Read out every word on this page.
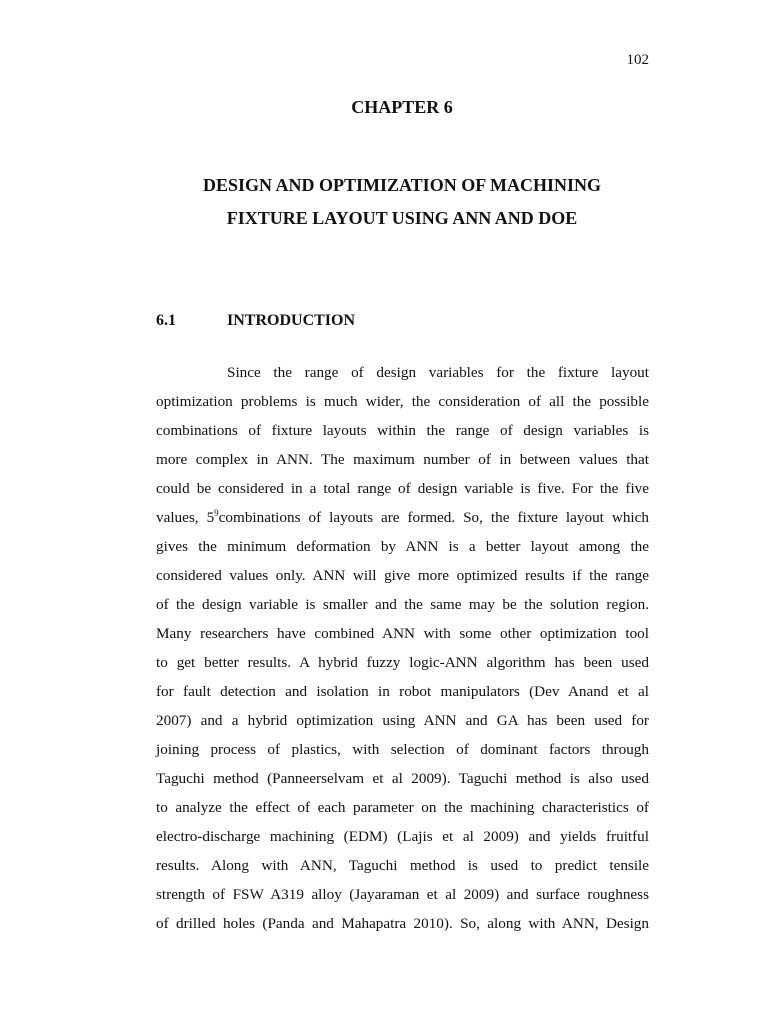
102
CHAPTER 6
DESIGN AND OPTIMIZATION OF MACHINING
FIXTURE LAYOUT USING ANN AND DOE
6.1	INTRODUCTION
Since the range of design variables for the fixture layout
optimization problems is much wider, the consideration of all the possible
combinations of fixture layouts within the range of design variables is
more complex in ANN. The maximum number of in between values that
could be considered in a total range of design variable is five. For the five
values, $5^9combinations$ of layouts are formed. So, the fixture layout which
gives the minimum deformation by ANN is a better layout among the
considered values only. ANN will give more optimized results if the range
of the design variable is smaller and the same may be the solution region.
Many researchers have combined ANN with some other optimization tool
to get better results. A hybrid fuzzy logic-ANN algorithm has been used
for fault detection and isolation in robot manipulators (Dev Anand et al
2007) and a hybrid optimization using ANN and GA has been used for
joining process of plastics, with selection of dominant factors through
Taguchi method (Panneerselvam et al 2009). Taguchi method is also used
to analyze the effect of each parameter on the machining characteristics of
electro-discharge machining (EDM) (Lajis et al 2009) and yields fruitful
results. Along with ANN, Taguchi method is used to predict tensile
strength of FSW A319 alloy (Jayaraman et al 2009) and surface roughness
of drilled holes (Panda and Mahapatra 2010). So, along with ANN, Design
